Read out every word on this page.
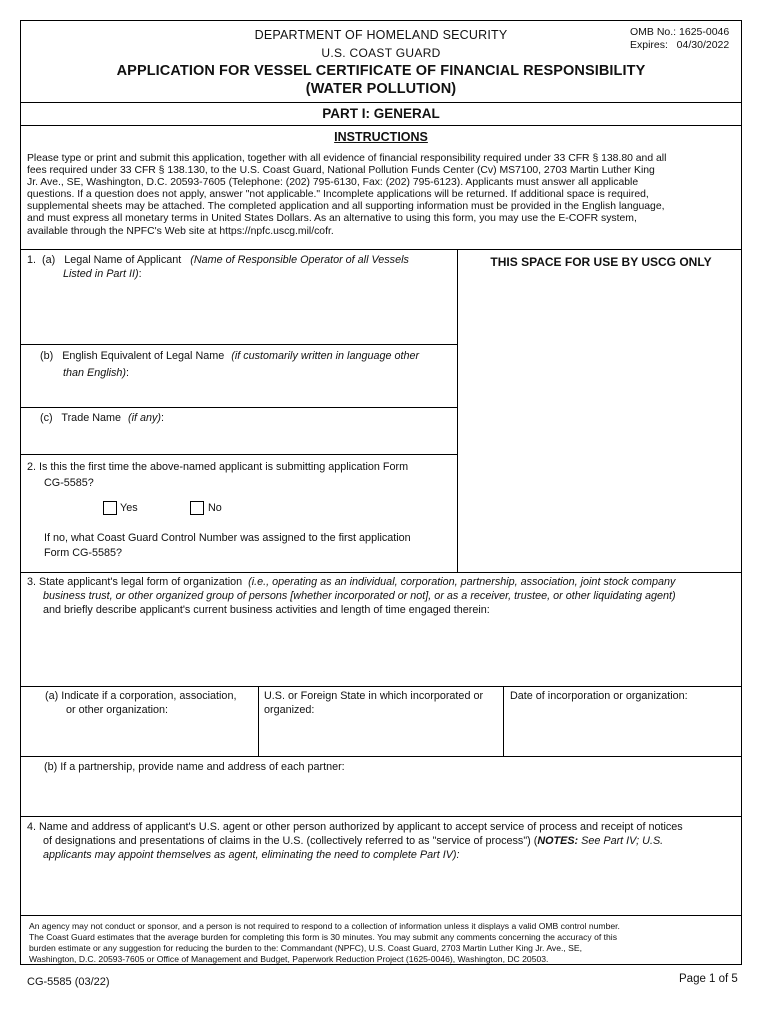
DEPARTMENT OF HOMELAND SECURITY
U.S. COAST GUARD
OMB No.: 1625-0046
Expires:   04/30/2022
APPLICATION FOR VESSEL CERTIFICATE OF FINANCIAL RESPONSIBILITY
(WATER POLLUTION)
PART I: GENERAL
INSTRUCTIONS
Please type or print and submit this application, together with all evidence of financial responsibility required under 33 CFR § 138.80 and all
fees required under 33 CFR § 138.130, to the U.S. Coast Guard, National Pollution Funds Center (Cv) MS7100, 2703 Martin Luther King
Jr. Ave., SE, Washington, D.C. 20593-7605 (Telephone: (202) 795-6130, Fax: (202) 795-6123). Applicants must answer all applicable
questions. If a question does not apply, answer "not applicable." Incomplete applications will be returned. If additional space is required,
supplemental sheets may be attached. The completed application and all supporting information must be provided in the English language,
and must express all monetary terms in United States Dollars. As an alternative to using this form, you may use the E-COFR system,
available through the NPFC's Web site at https://npfc.uscg.mil/cofr.
THIS SPACE FOR USE BY USCG ONLY
1.  (a)   Legal Name of Applicant (Name of Responsible Operator of all Vessels
Listed in Part II):
(b)   English Equivalent of Legal Name (if customarily written in language other
than English):
(c)   Trade Name (if any):
2. Is this the first time the above-named applicant is submitting application Form
CG-5585?
Yes	No
If no, what Coast Guard Control Number was assigned to the first application
Form CG-5585?
3. State applicant's legal form of organization (i.e., operating as an individual, corporation, partnership, association, joint stock company
business trust, or other organized group of persons [whether incorporated or not], or as a receiver, trustee, or other liquidating agent)
and briefly describe applicant's current business activities and length of time engaged therein:
(a) Indicate if a corporation, association,
or other organization:
U.S. or Foreign State in which incorporated or
organized:
Date of incorporation or organization:
(b) If a partnership, provide name and address of each partner:
4. Name and address of applicant's U.S. agent or other person authorized by applicant to accept service of process and receipt of notices
of designations and presentations of claims in the U.S. (collectively referred to as "service of process") (NOTES: See Part IV; U.S.
applicants may appoint themselves as agent, eliminating the need to complete Part IV):
An agency may not conduct or sponsor, and a person is not required to respond to a collection of information unless it displays a valid OMB control number.
The Coast Guard estimates that the average burden for completing this form is 30 minutes. You may submit any comments concerning the accuracy of this
burden estimate or any suggestion for reducing the burden to the: Commandant (NPFC), U.S. Coast Guard, 2703 Martin Luther King Jr. Ave., SE,
Washington, D.C. 20593-7605 or Office of Management and Budget, Paperwork Reduction Project (1625-0046), Washington, DC 20503.
CG-5585 (03/22)	Page 1 of 5
